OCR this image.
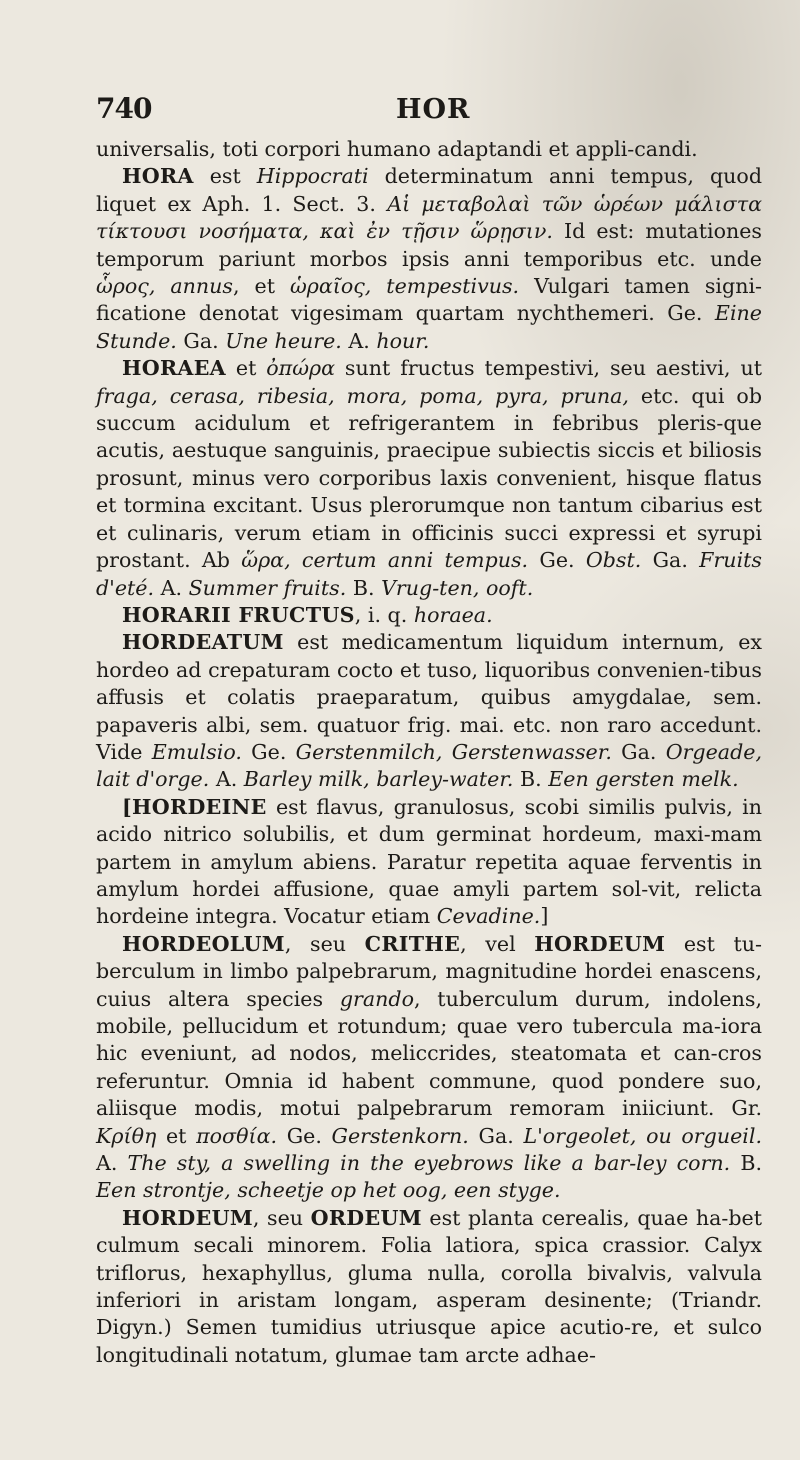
740	HOR

universalis, toti corpori humano adaptandi et appli-candi.

HORA est Hippocrati determinatum anni tempus, quod liquet ex Aph. 1. Sect. 3. Αἱ μεταβολαὶ τῶν ὡρέων μάλιστα τίκτουσι νοσήματα, καὶ ἐν τῇσιν ὥρῃσιν. Id est: mutationes temporum pariunt morbos ipsis anni temporibus etc. unde ὧρος, annus, et ὡραῖος, tempestivus. Vulgari tamen signi-ficatione denotat vigesimam quartam nychthemeri. Ge. Eine Stunde. Ga. Une heure. A. hour.

HORAEA et ὀπώρα sunt fructus tempestivi, seu aestivi, ut fraga, cerasa, ribesia, mora, poma, pyra, pruna, etc. qui ob succum acidulum et refrigerantem in febribus pleris-que acutis, aestuque sanguinis, praecipue subiectis siccis et biliosis prosunt, minus vero corporibus laxis convenient, hisque flatus et tormina excitant. Usus plerorumque non tantum cibarius est et culinaris, verum etiam in officinis succi expressi et syrupi prostant. Ab ὥρα, certum anni tempus. Ge. Obst. Ga. Fruits d'eté. A. Summer fruits. B. Vrug-ten, ooft.

HORARII FRUCTUS, i. q. horaea.

HORDEATUM est medicamentum liquidum internum, ex hordeo ad crepaturam cocto et tuso, liquoribus convenien-tibus affusis et colatis praeparatum, quibus amygdalae, sem. papaveris albi, sem. quatuor frig. mai. etc. non raro accedunt. Vide Emulsio. Ge. Gerstenmilch, Gerstenwasser. Ga. Orgeade, lait d'orge. A. Barley milk, barley-water. B. Een gersten melk.

[HORDEINE est flavus, granulosus, scobi similis pulvis, in acido nitrico solubilis, et dum germinat hordeum, maxi-mam partem in amylum abiens. Paratur repetita aquae ferventis in amylum hordei affusione, quae amyli partem sol-vit, relicta hordeine integra. Vocatur etiam Cevadine.]

HORDEOLUM, seu CRITHE, vel HORDEUM est tu-berculum in limbo palpebrarum, magnitudine hordei enascens, cuius altera species grando, tuberculum durum, indolens, mobile, pellucidum et rotundum; quae vero tubercula ma-iora hic eveniunt, ad nodos, meliccrides, steatomata et can-cros referuntur. Omnia id habent commune, quod pondere suo, aliisque modis, motui palpebrarum remoram iniiciunt. Gr. Κρίθη et ποσθία. Ge. Gerstenkorn. Ga. L'orgeolet, ou orgueil. A. The sty, a swelling in the eyebrows like a bar-ley corn. B. Een strontje, scheetje op het oog, een styge.

HORDEUM, seu ORDEUM est planta cerealis, quae ha-bet culmum secali minorem. Folia latiora, spica crassior. Calyx triflorus, hexaphyllus, gluma nulla, corolla bivalvis, valvula inferiori in aristam longam, asperam desinente; (Triandr. Digyn.) Semen tumidius utriusque apice acutio-re, et sulco longitudinali notatum, glumae tam arcte adhae-
